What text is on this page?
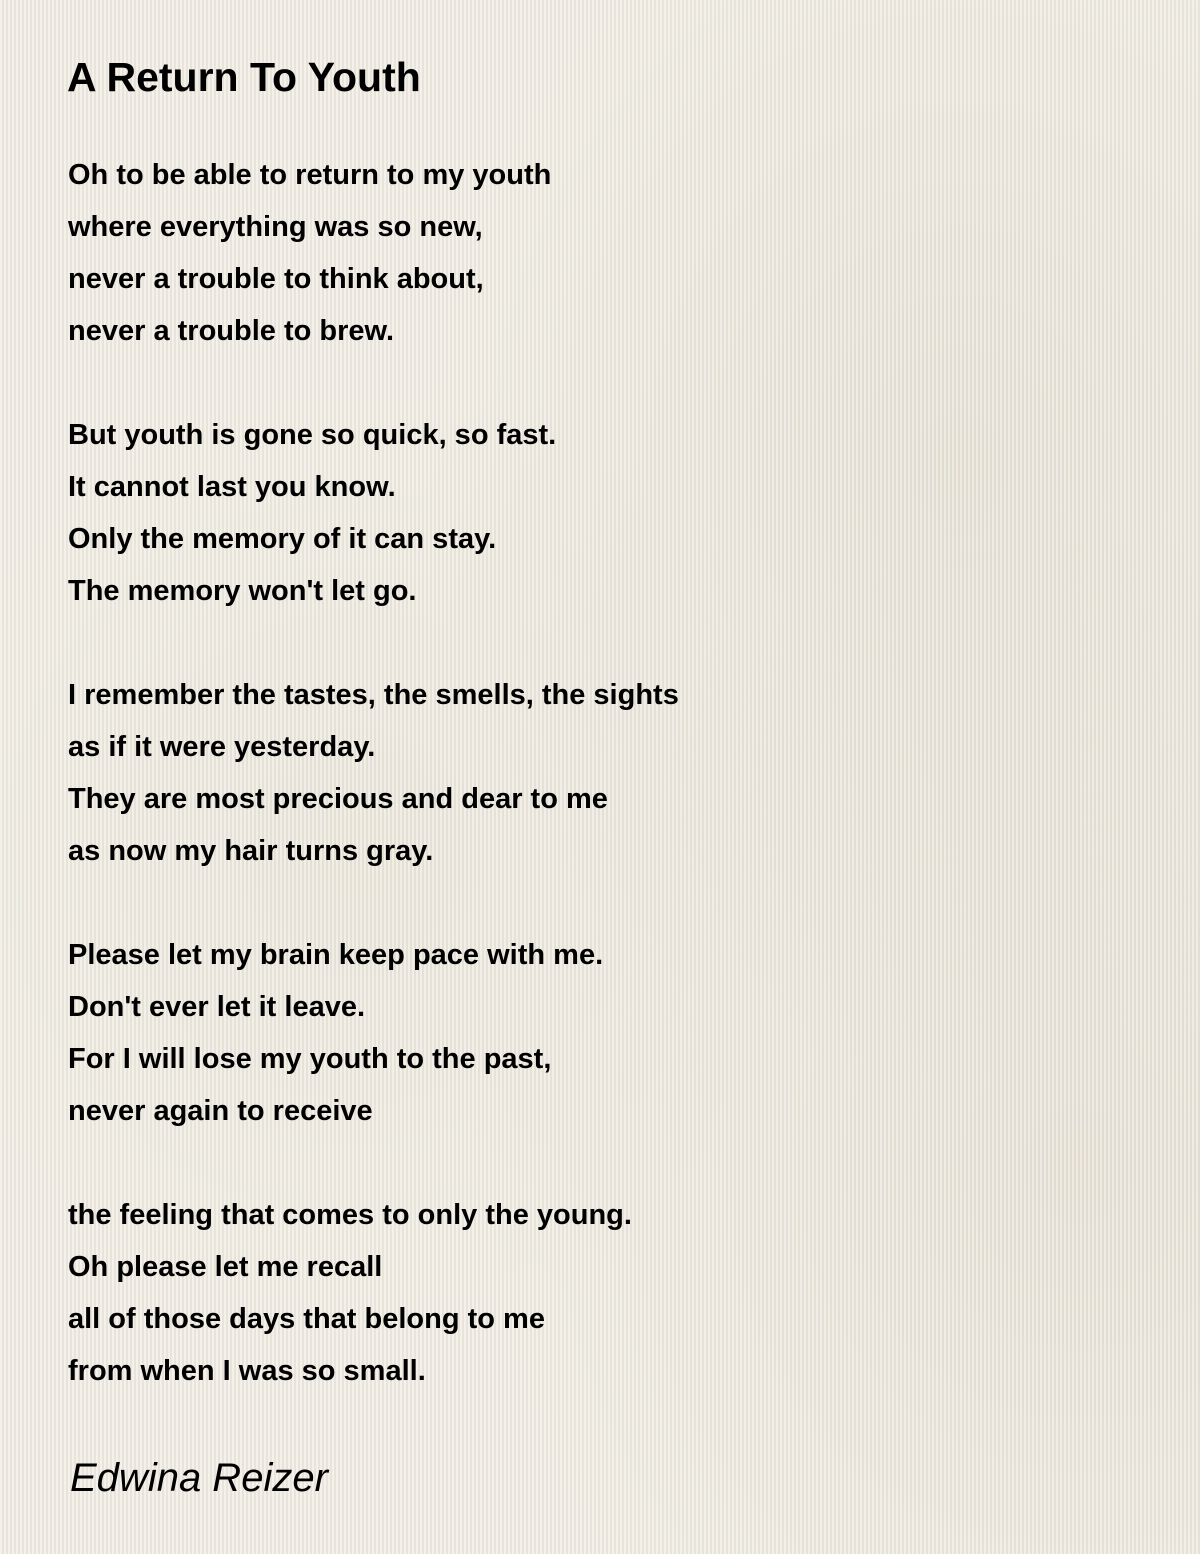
A Return To Youth
Oh to be able to return to my youth
where everything was so new,
never a trouble to think about,
never a trouble to brew.
But youth is gone so quick, so fast.
It cannot last you know.
Only the memory of it can stay.
The memory won't let go.
I remember the tastes, the smells, the sights
as if it were yesterday.
They are most precious and dear to me
as now my hair turns gray.
Please let my brain keep pace with me.
Don't ever let it leave.
For I will lose my youth to the past,
never again to receive
the feeling that comes to only the young.
Oh please let me recall
all of those days that belong to me
from when I was so small.
Edwina Reizer
